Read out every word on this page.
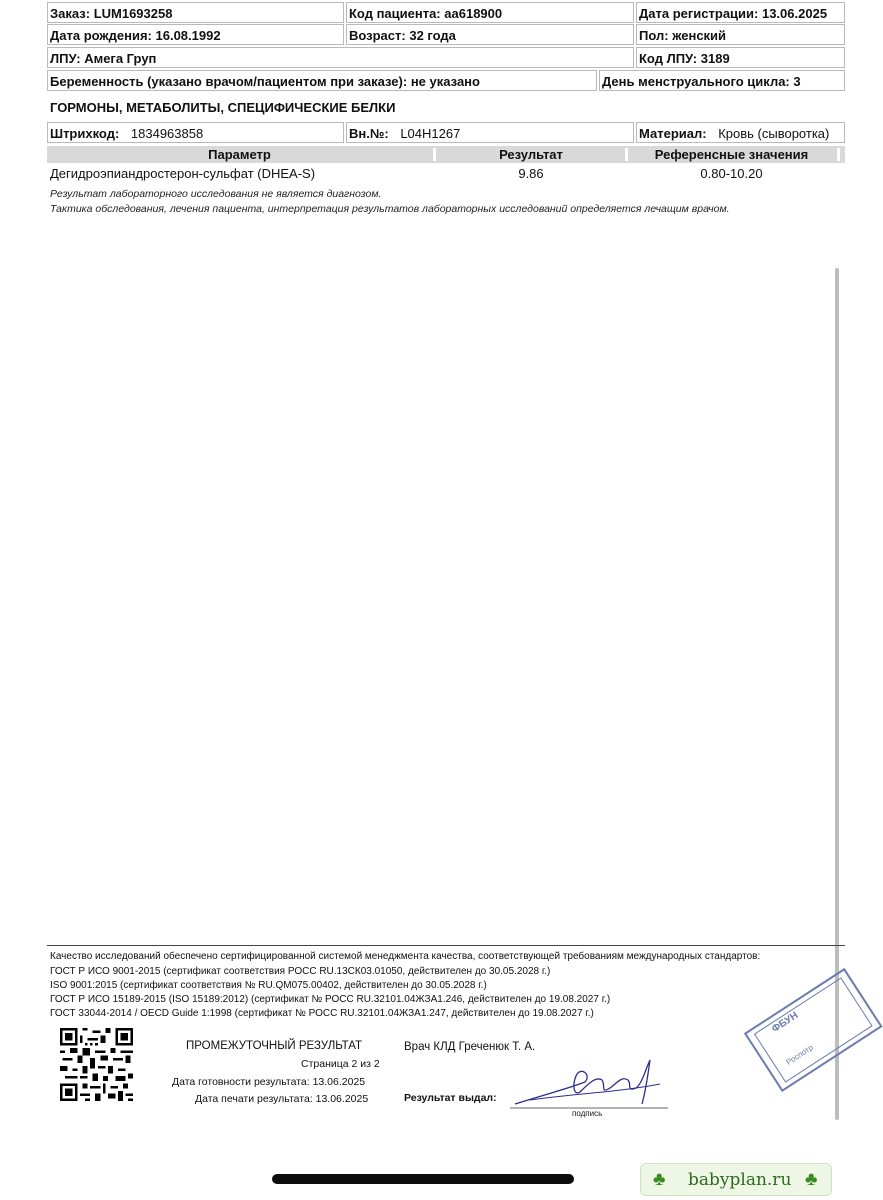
Заказ: LUM1693258	Код пациента: аа618900	Дата регистрации: 13.06.2025
Дата рождения: 16.08.1992	Возраст: 32 года	Пол: женский
ЛПУ: Амега Груп	Код ЛПУ: 3189
Беременность (указано врачом/пациентом при заказе): не указано	День менструального цикла: 3
ГОРМОНЫ, МЕТАБОЛИТЫ, СПЕЦИФИЧЕСКИЕ БЕЛКИ
Штрихкод: 1834963858	Вн.№: L04H1267	Материал: Кровь (сыворотка)
Параметр	Результат	Референсные значения
Дегидроэпиандростерон-сульфат (DHEA-S)	9.86	0.80-10.20
Результат лабораторного исследования не является диагнозом.
Тактика обследования, лечения пациента, интерпретация результатов лабораторных исследований определяется лечащим врачом.
Качество исследований обеспечено сертифицированной системой менеджмента качества, соответствующей требованиям международных стандартов:
ГОСТ Р ИСО 9001-2015 (сертификат соответствия РОСС RU.13СК03.01050, действителен до 30.05.2028 г.)
ISO 9001:2015 (сертификат соответствия № RU.QM075.00402, действителен до 30.05.2028 г.)
ГОСТ Р ИСО 15189-2015 (ISO 15189:2012) (сертификат № РОСС RU.32101.04ЖЗА1.246, действителен до 19.08.2027 г.)
ГОСТ 33044-2014 / OECD Guide 1:1998 (сертификат № РОСС RU.32101.04ЖЗА1.247, действителен до 19.08.2027 г.)
ПРОМЕЖУТОЧНЫЙ РЕЗУЛЬТАТ
Страница 2 из 2
Дата готовности результата: 13.06.2025
Дата печати результата: 13.06.2025
Врач КЛД Греченюк Т. А.
Результат выдал:
подпись
ФБУН
Роспотр
♣ babyplan.ru ♣
